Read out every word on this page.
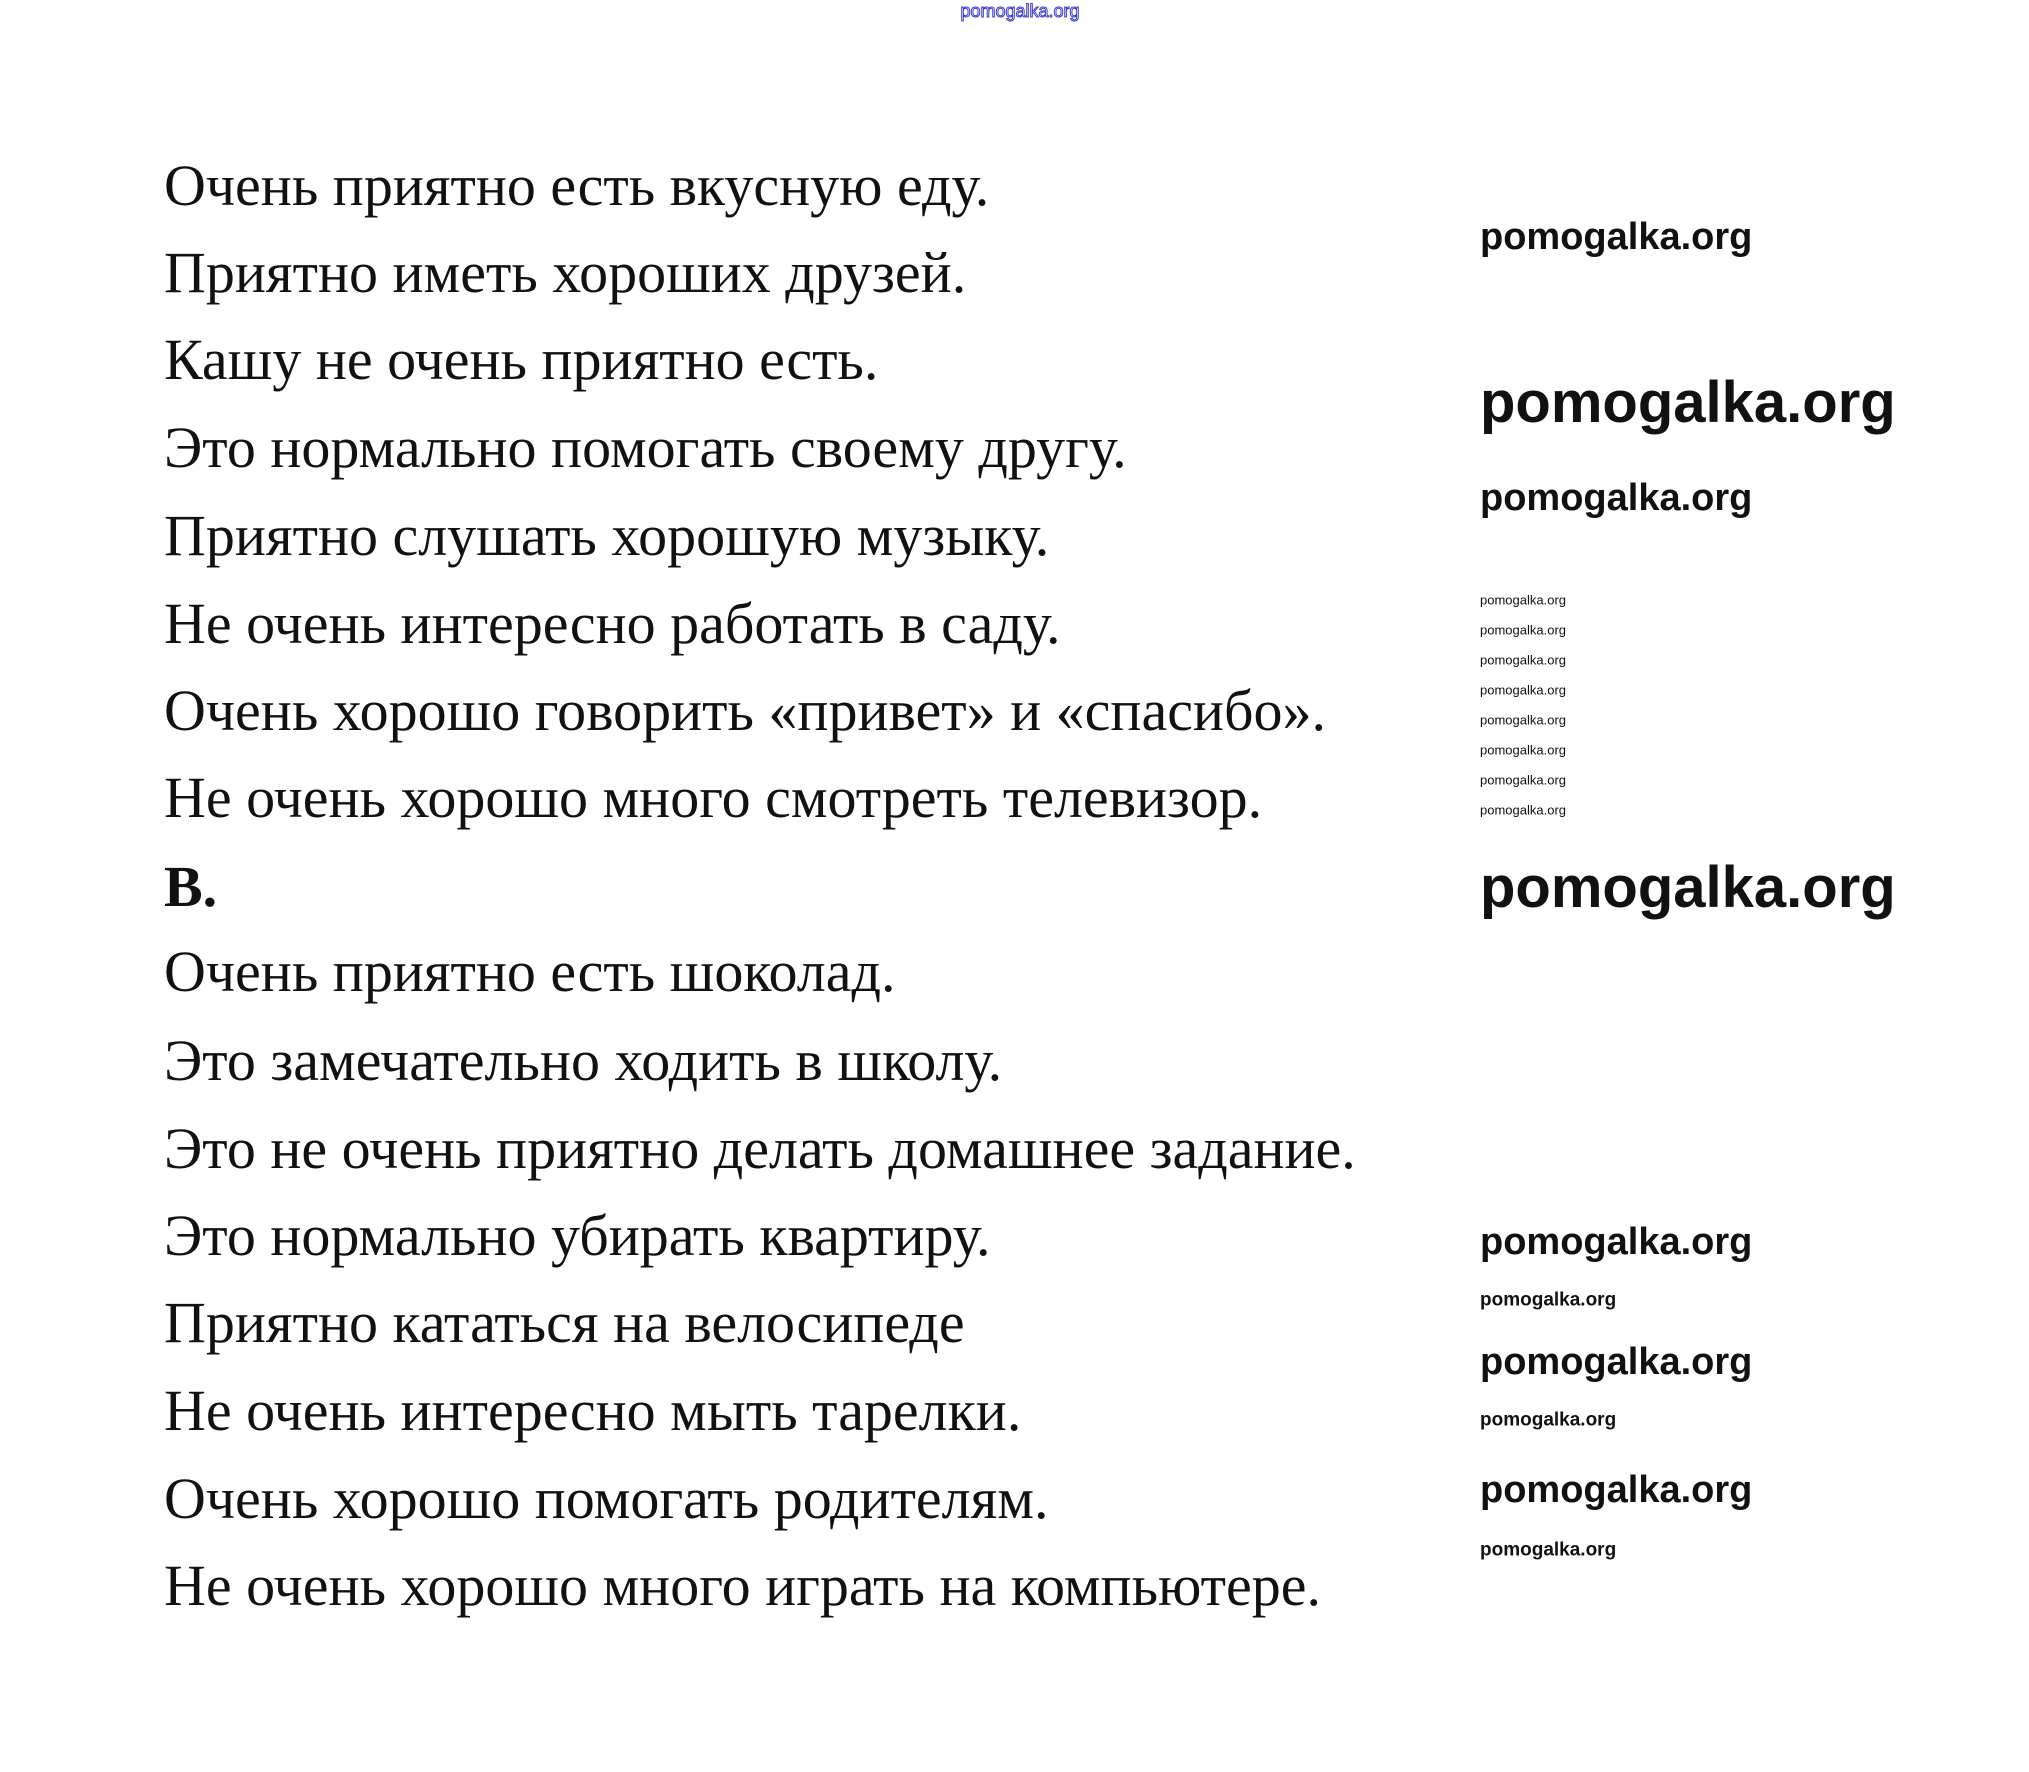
pomogalka.org
pomogalka.org
pomogalka.org
pomogalka.org
pomogalka.org
pomogalka.org
pomogalka.org
pomogalka.org
pomogalka.org
pomogalka.org
pomogalka.org
pomogalka.org
pomogalka.org
pomogalka.org
pomogalka.org
pomogalka.org
pomogalka.org
pomogalka.org
pomogalka.org
Очень приятно есть вкусную еду.
Приятно иметь хороших друзей.
Кашу не очень приятно есть.
Это нормально помогать своему другу.
Приятно слушать хорошую музыку.
Не очень интересно работать в саду.
Очень хорошо говорить «привет» и «спасибо».
Не очень хорошо много смотреть телевизор.
B.
Очень приятно есть шоколад.
Это замечательно ходить в школу.
Это не очень приятно делать домашнее задание.
Это нормально убирать квартиру.
Приятно кататься на велосипеде
Не очень интересно мыть тарелки.
Очень хорошо помогать родителям.
Не очень хорошо много играть на компьютере.
